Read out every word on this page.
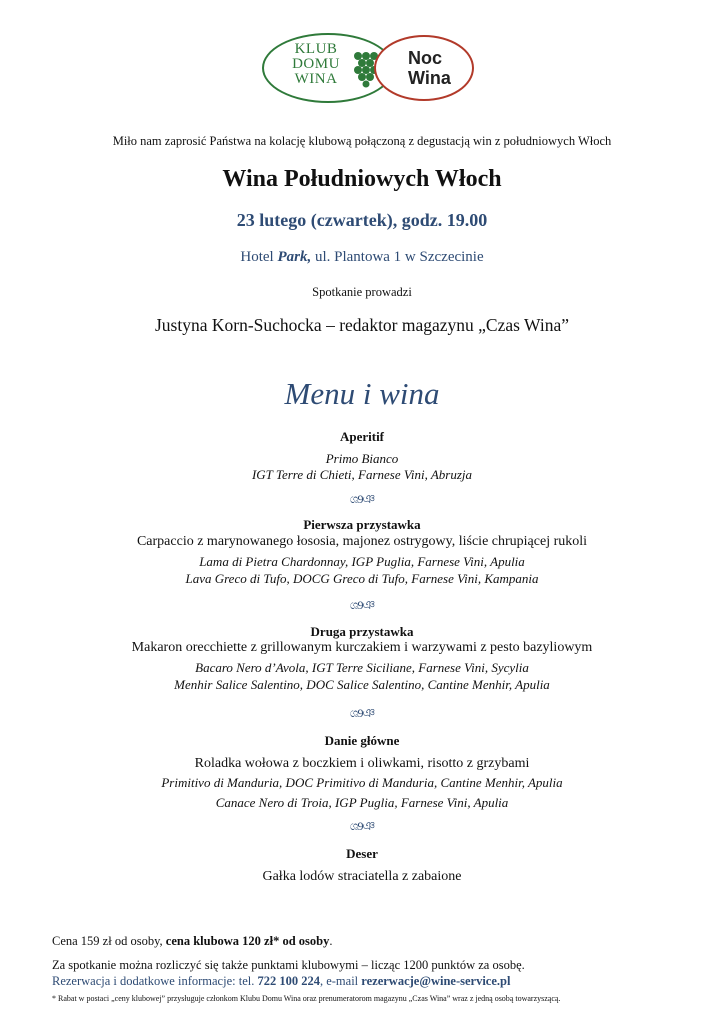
KLUB
DOMU
WINA
Noc
Wina
Miło nam zaprosić Państwa na kolację klubową połączoną z degustacją win z południowych Włoch
Wina Południowych Włoch
23 lutego (czwartek), godz. 19.00
Hotel Park, ul. Plantowa 1 w Szczecinie
Spotkanie prowadzi
Justyna Korn-Suchocka – redaktor magazynu „Czas Wina”
Menu i wina
Aperitif
Primo Bianco
IGT Terre di Chieti, Farnese Vini, Abruzja
ශ9ঞ
Pierwsza przystawka
Carpaccio z marynowanego łososia, majonez ostrygowy, liście chrupiącej rukoli
Lama di Pietra Chardonnay, IGP Puglia, Farnese Vini, Apulia
Lava Greco di Tufo, DOCG Greco di Tufo, Farnese Vini, Kampania
ශ9ঞ
Druga przystawka
Makaron orecchiette z grillowanym kurczakiem i warzywami z pesto bazyliowym
Bacaro Nero d’Avola, IGT Terre Siciliane, Farnese Vini, Sycylia
Menhir Salice Salentino, DOC Salice Salentino, Cantine Menhir, Apulia
ශ9ঞ
Danie główne
Roladka wołowa z boczkiem i oliwkami, risotto z grzybami
Primitivo di Manduria, DOC Primitivo di Manduria, Cantine Menhir, Apulia
Canace Nero di Troia, IGP Puglia, Farnese Vini, Apulia
ශ9ঞ
Deser
Gałka lodów straciatella z zabaione
Cena 159 zł od osoby, cena klubowa 120 zł* od osoby.
Za spotkanie można rozliczyć się także punktami klubowymi – licząc 1200 punktów za osobę.
Rezerwacja i dodatkowe informacje: tel. 722 100 224, e-mail rezerwacje@wine-service.pl
* Rabat w postaci „ceny klubowej” przysługuje członkom Klubu Domu Wina oraz prenumeratorom magazynu „Czas Wina” wraz z jedną osobą towarzyszącą.
